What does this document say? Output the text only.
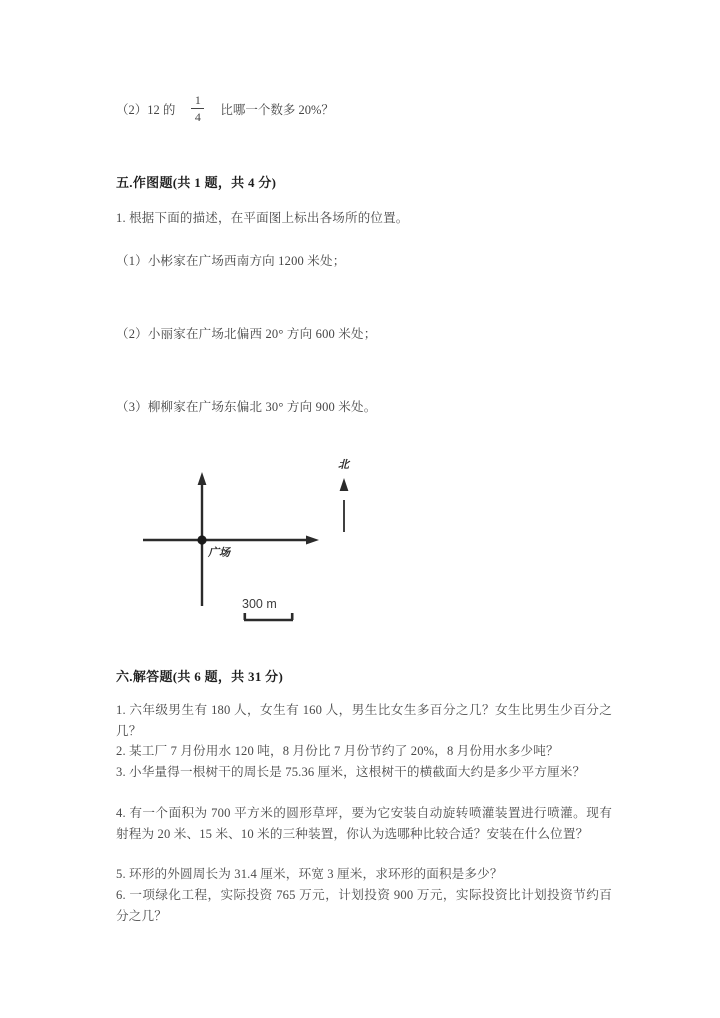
（2）12 的 $\frac{1}{4}$ 比哪一个数多 20%？
五.作图题(共 1 题，共 4 分)
1. 根据下面的描述，在平面图上标出各场所的位置。
（1）小彬家在广场西南方向 1200 米处；
（2）小丽家在广场北偏西 20° 方向 600 米处；
（3）柳柳家在广场东偏北 30° 方向 900 米处。
广场
北
300 m
六.解答题(共 6 题，共 31 分)
1. 六年级男生有 180 人，女生有 160 人，男生比女生多百分之几？女生比男生少百分之几？
2. 某工厂 7 月份用水 120 吨，8 月份比 7 月份节约了 20%，8 月份用水多少吨？
3. 小华量得一根树干的周长是 75.36 厘米，这根树干的横截面大约是多少平方厘米？
4. 有一个面积为 700 平方米的圆形草坪，要为它安装自动旋转喷灌装置进行喷灌。现有射程为 20 米、15 米、10 米的三种装置，你认为选哪种比较合适？安装在什么位置？
5. 环形的外圆周长为 31.4 厘米，环宽 3 厘米，求环形的面积是多少？
6. 一项绿化工程，实际投资 765 万元，计划投资 900 万元，实际投资比计划投资节约百分之几？
